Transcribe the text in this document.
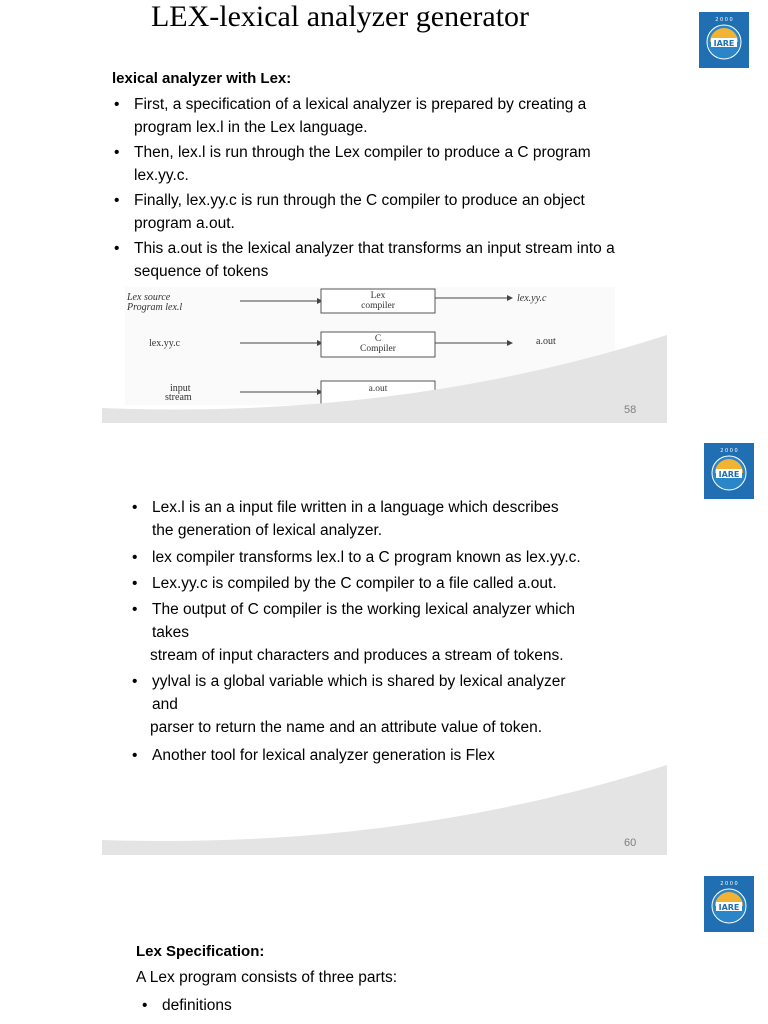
LEX-lexical analyzer generator
IARE
2 0 0 0
lexical analyzer with Lex:
• First, a specification of a lexical analyzer is prepared by creating a program lex.l in the Lex language.
• Then, lex.l is run through the Lex compiler to produce a C program lex.yy.c.
• Finally, lex.yy.c is run through the C compiler to produce an object program a.out.
• This a.out is the lexical analyzer that transforms an input stream into a sequence of tokens
Lex source
Program lex.l
Lex
compiler
lex.yy.c
lex.yy.c	C
Compiler
a.out
input
stream
a.out
58
IARE
2 0 0 0
• Lex.l is an a input file written in a language which describes
the generation of lexical analyzer.
• lex compiler transforms lex.l to a C program known as lex.yy.c.
• Lex.yy.c is compiled by the C compiler to a file called a.out.
• The output of C compiler is the working lexical analyzer which
takes
stream of input characters and produces a stream of tokens.
• yylval is a global variable which is shared by lexical analyzer
and
parser to return the name and an attribute value of token.
• Another tool for lexical analyzer generation is Flex
60
IARE
2 0 0 0
Lex Specification:
A Lex program consists of three parts:
• definitions
